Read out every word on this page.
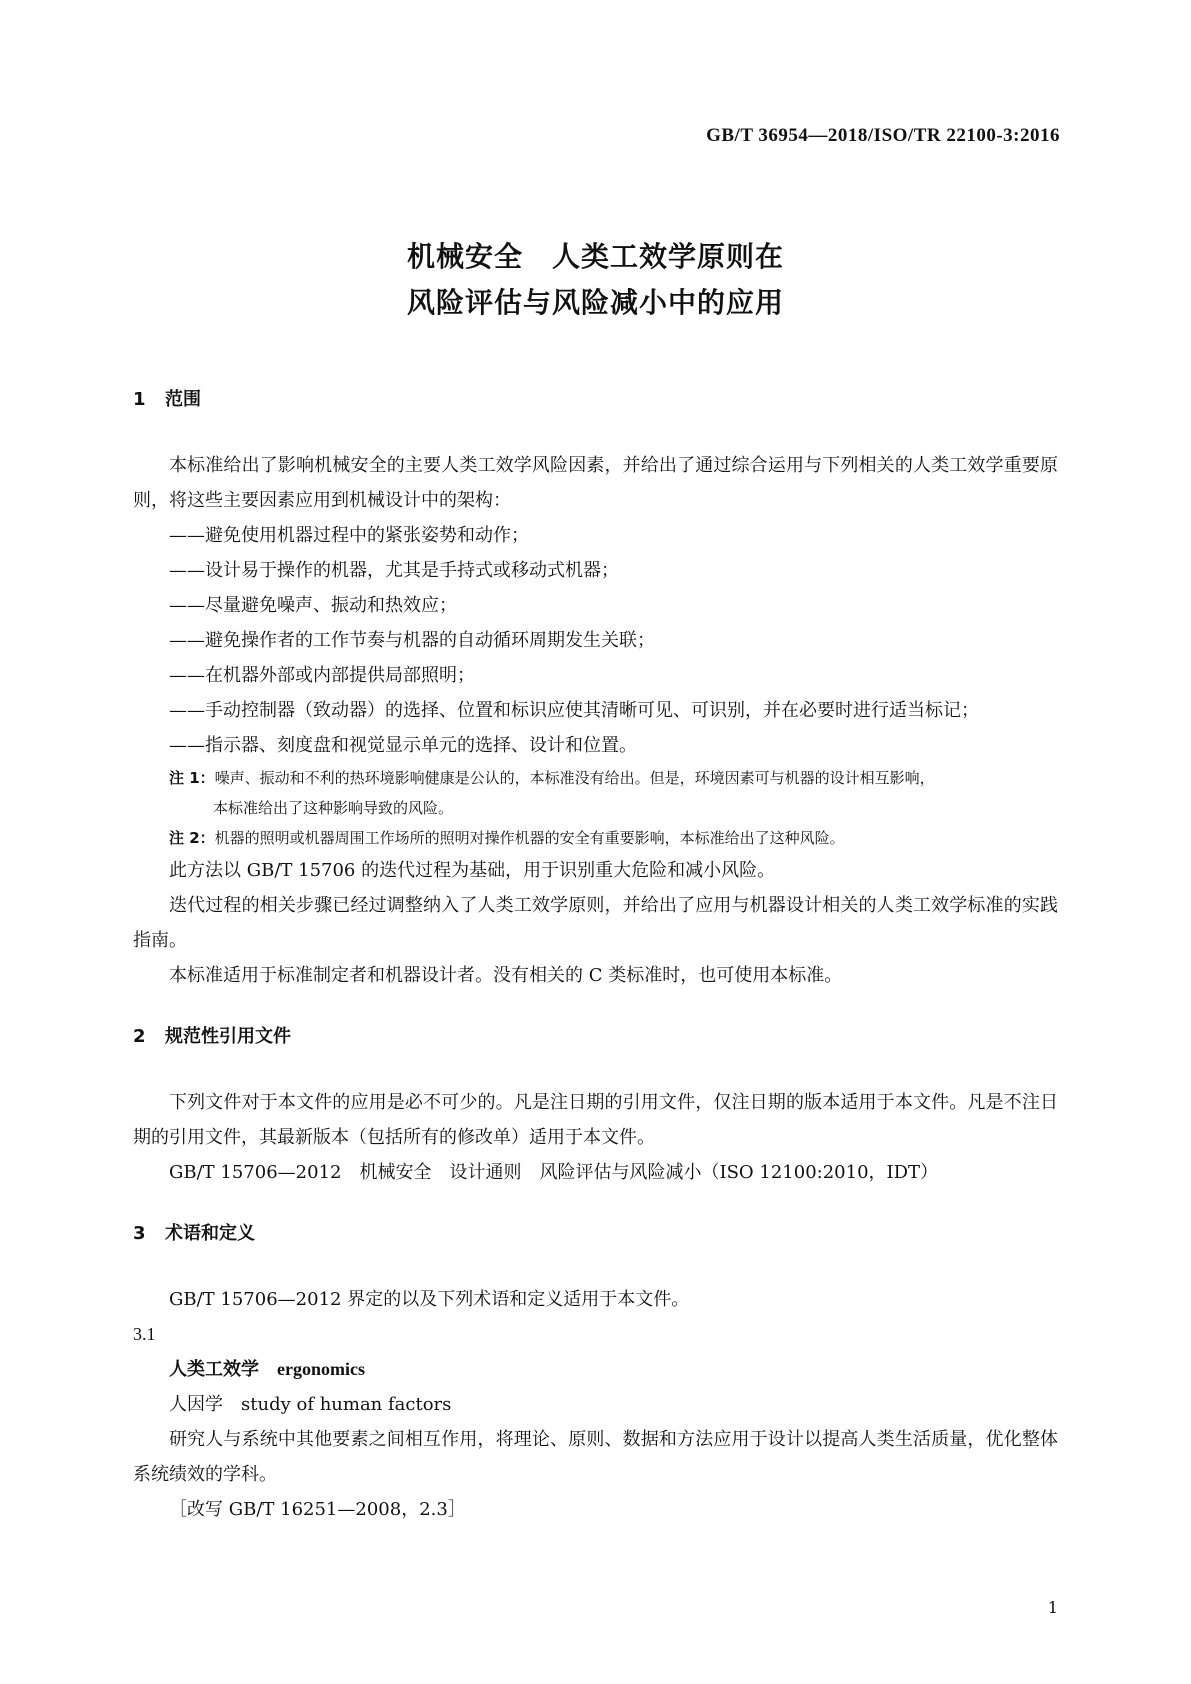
GB/T 36954—2018/ISO/TR 22100-3:2016
机械安全　人类工效学原则在
风险评估与风险减小中的应用

1 范围

本标准给出了影响机械安全的主要人类工效学风险因素，并给出了通过综合运用与下列相关的人类工效学重要原则，将这些主要因素应用到机械设计中的架构：

——避免使用机器过程中的紧张姿势和动作；

——设计易于操作的机器，尤其是手持式或移动式机器；

——尽量避免噪声、振动和热效应；

——避免操作者的工作节奏与机器的自动循环周期发生关联；

——在机器外部或内部提供局部照明；

——手动控制器（致动器）的选择、位置和标识应使其清晰可见、可识别，并在必要时进行适当标记；

——指示器、刻度盘和视觉显示单元的选择、设计和位置。

注 1：噪声、振动和不利的热环境影响健康是公认的，本标准没有给出。但是，环境因素可与机器的设计相互影响，

本标准给出了这种影响导致的风险。

注 2：机器的照明或机器周围工作场所的照明对操作机器的安全有重要影响，本标准给出了这种风险。

此方法以 GB/T 15706 的迭代过程为基础，用于识别重大危险和减小风险。

迭代过程的相关步骤已经过调整纳入了人类工效学原则，并给出了应用与机器设计相关的人类工效学标准的实践指南。

本标准适用于标准制定者和机器设计者。没有相关的 C 类标准时，也可使用本标准。

2 规范性引用文件

下列文件对于本文件的应用是必不可少的。凡是注日期的引用文件，仅注日期的版本适用于本文件。凡是不注日期的引用文件，其最新版本（包括所有的修改单）适用于本文件。

GB/T 15706—2012　机械安全　设计通则　风险评估与风险减小（ISO 12100:2010，IDT）

3 术语和定义

GB/T 15706—2012 界定的以及下列术语和定义适用于本文件。

3.1

人类工效学　 ergonomics

人因学　 study of human factors

研究人与系统中其他要素之间相互作用，将理论、原则、数据和方法应用于设计以提高人类生活质量，优化整体系统绩效的学科。

［改写 GB/T 16251—2008，2.3］

1
